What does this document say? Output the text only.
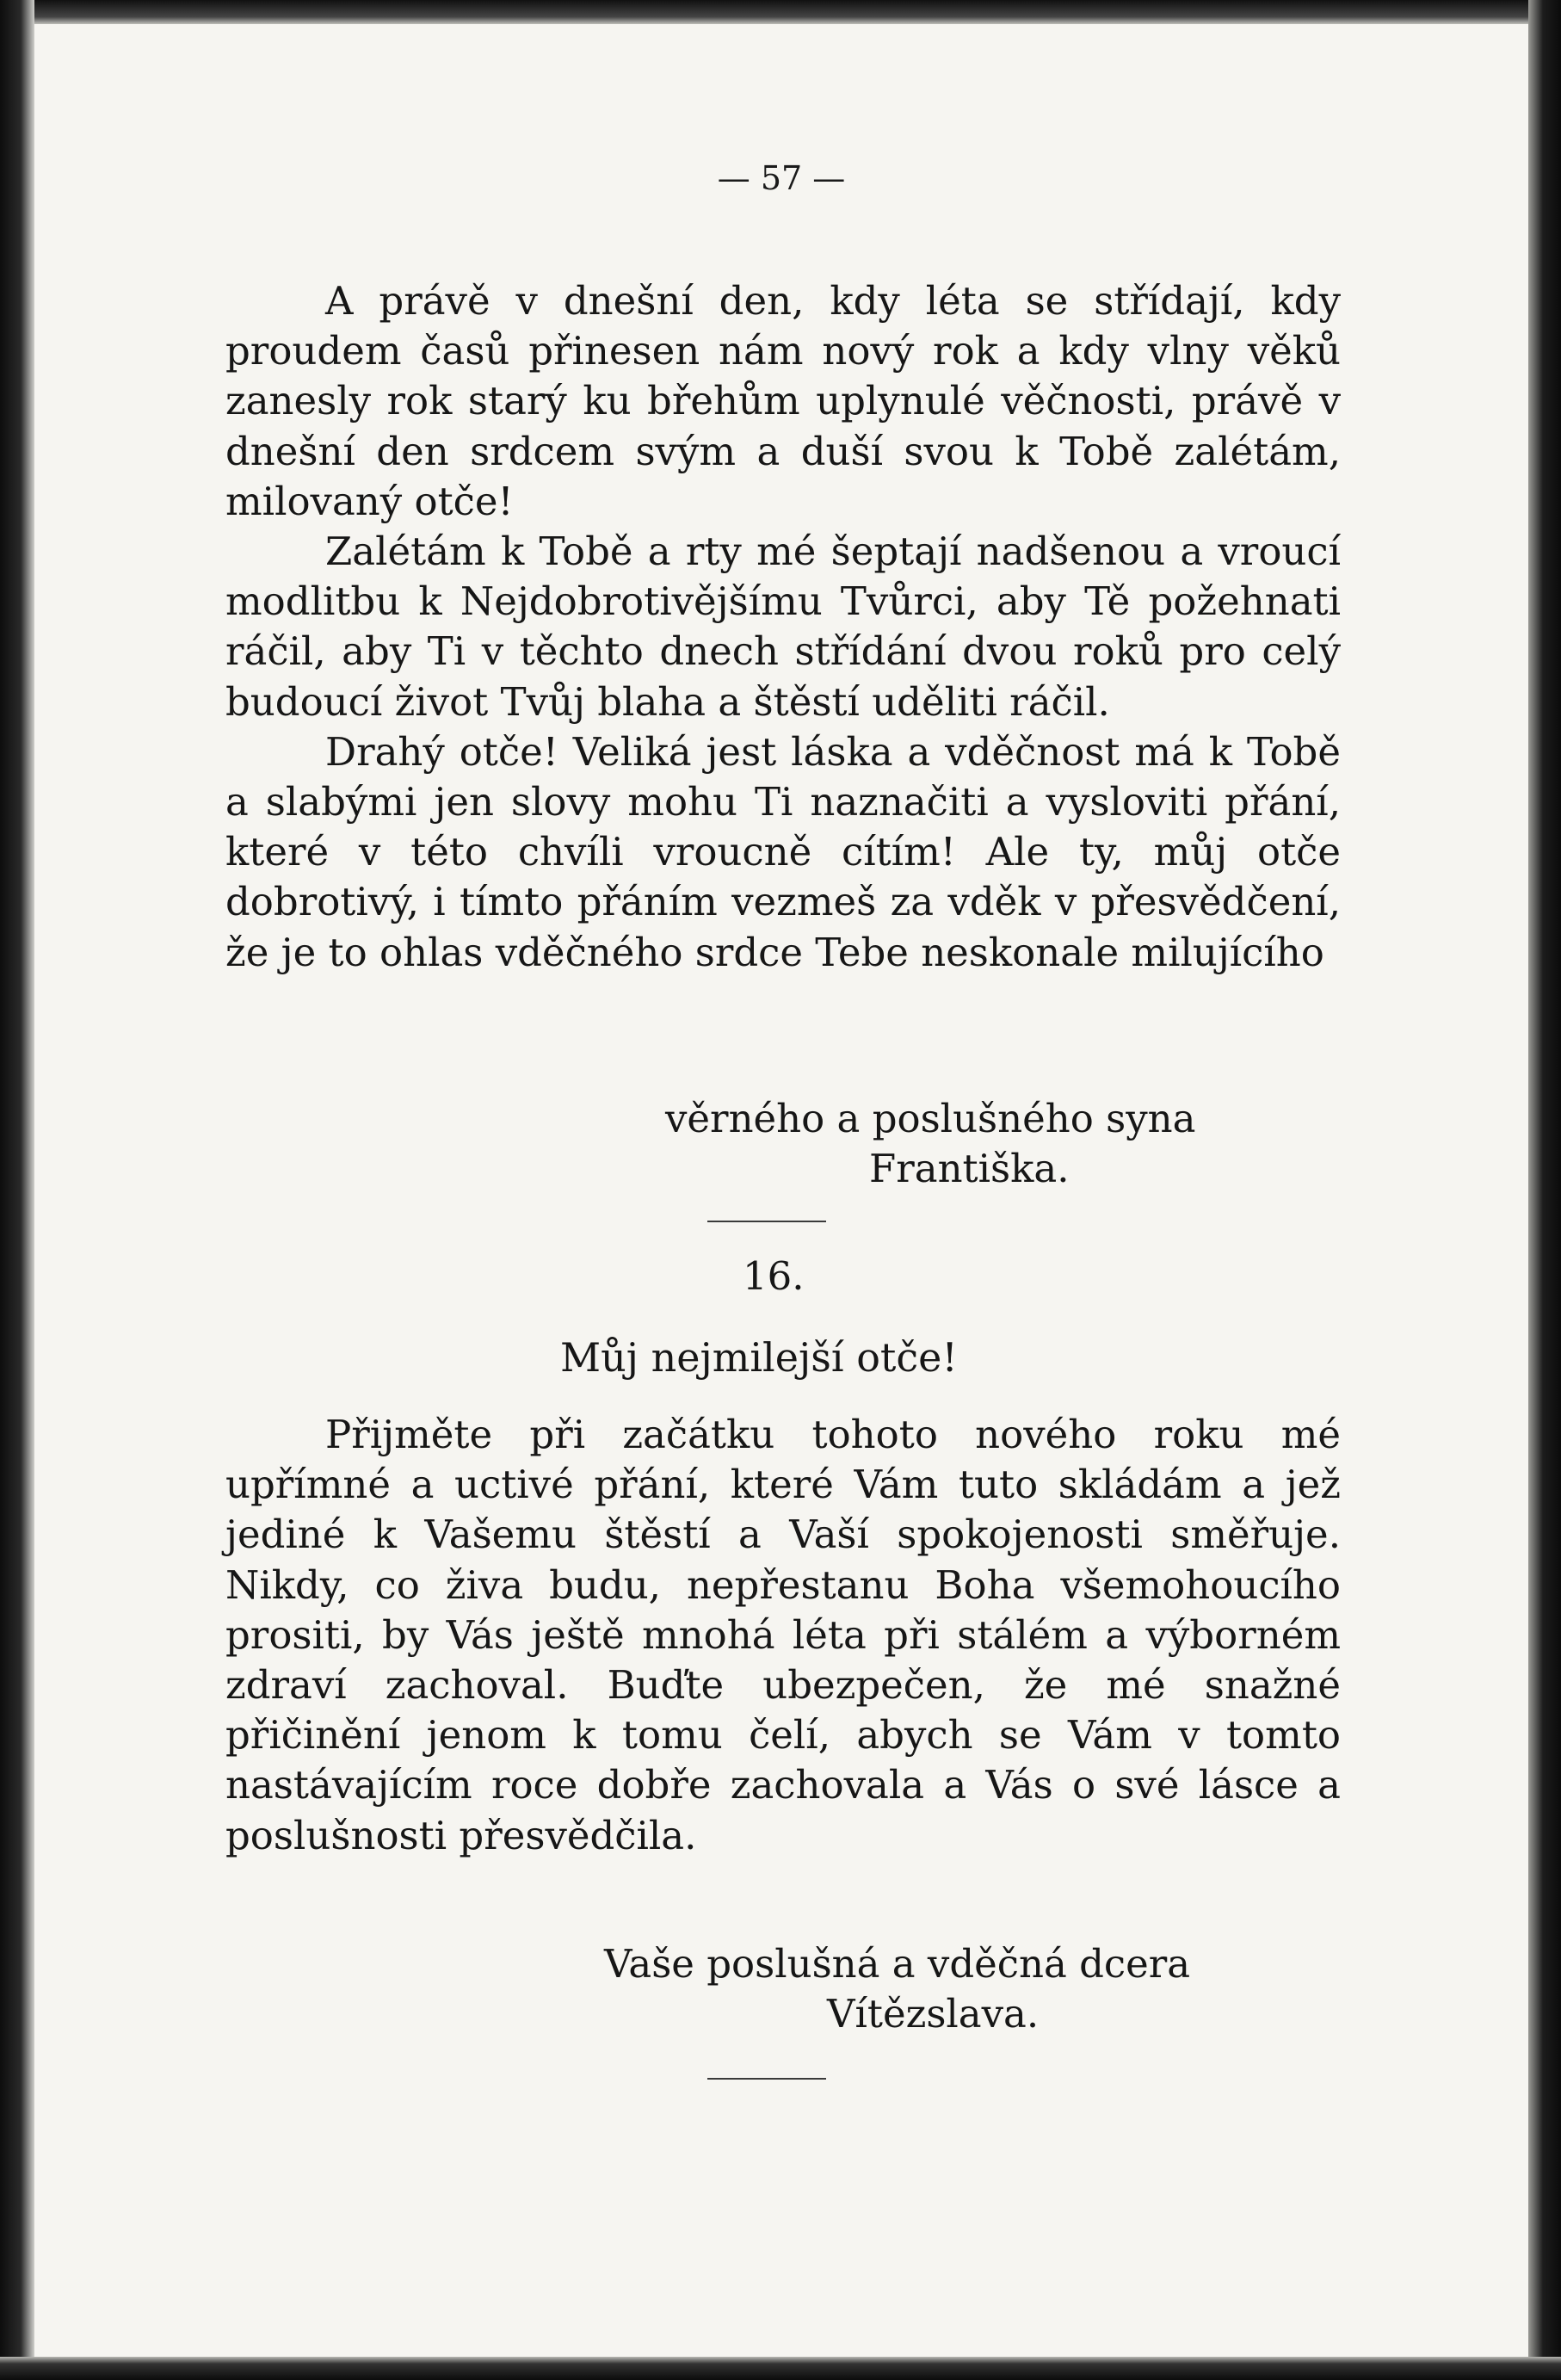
— 57 —

A právě v dnešní den, kdy léta se střídají, kdy proudem časů přinesen nám nový rok a kdy vlny věků zanesly rok starý ku břehům uplynulé věčnosti, právě v dnešní den srdcem svým a duší svou k Tobě zalétám, milovaný otče!

Zalétám k Tobě a rty mé šeptají nadšenou a vroucí modlitbu k Nejdobrotivějšímu Tvůrci, aby Tě požehnati ráčil, aby Ti v těchto dnech střídání dvou roků pro celý budoucí život Tvůj blaha a štěstí uděliti ráčil.

Drahý otče! Veliká jest láska a vděčnost má k Tobě a slabými jen slovy mohu Ti naznačiti a vysloviti přání, které v této chvíli vroucně cítím! Ale ty, můj otče dobrotivý, i tímto přáním vezmeš za vděk v přesvědčení, že je to ohlas vděčného srdce Tebe neskonale milujícího

věrného a poslušného syna
Františka.
16.
Můj nejmilejší otče!

Přijměte při začátku tohoto nového roku mé upřímné a uctivé přání, které Vám tuto skládám a jež jediné k Vašemu štěstí a Vaší spokojenosti směřuje. Nikdy, co živa budu, nepřestanu Boha všemohoucího prositi, by Vás ještě mnohá léta při stálém a výborném zdraví zachoval. Buďte ubezpečen, že mé snažné přičinění jenom k tomu čelí, abych se Vám v tomto nastávajícím roce dobře zachovala a Vás o své lásce a poslušnosti přesvědčila.

Vaše poslušná a vděčná dcera
Vítězslava.
